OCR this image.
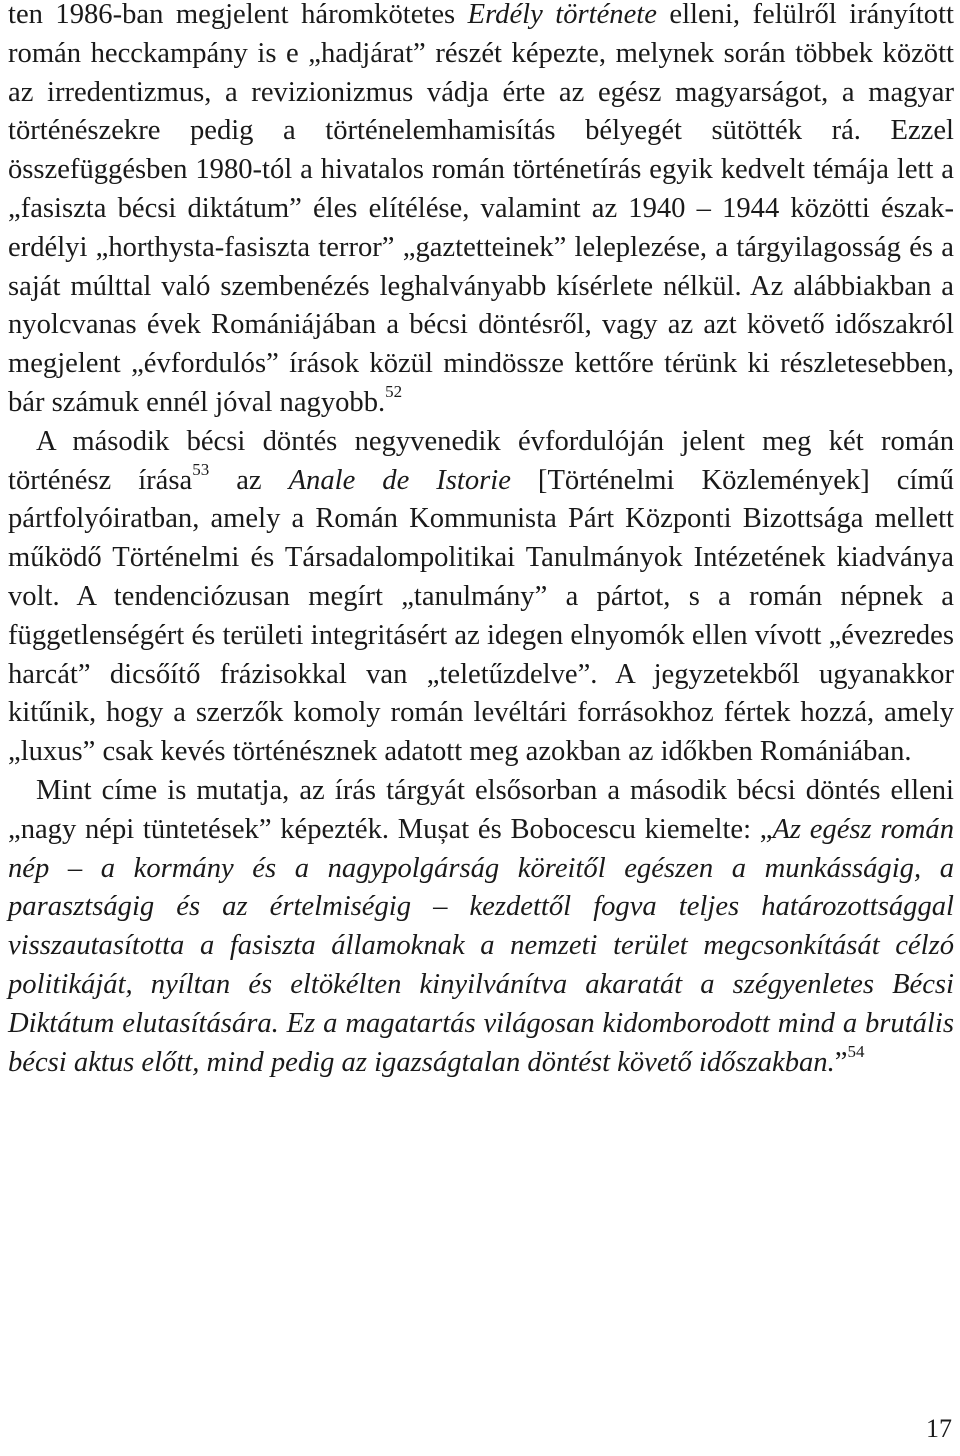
ten 1986-ban megjelent háromkötetes Erdély története elleni, felülről irányított román hecckampány is e „hadjárat” részét képezte, melynek során többek között az irredentizmus, a revizionizmus vádja érte az egész magyarságot, a magyar történészekre pedig a történelemhamisítás bélyegét sütötték rá. Ezzel összefüggésben 1980-tól a hivatalos román történetírás egyik kedvelt témája lett a „fasiszta bécsi diktátum” éles elítélése, valamint az 1940 – 1944 közötti észak-erdélyi „horthysta-fasiszta terror” „gaztetteinek” leleplezése, a tárgyilagosság és a saját múlttal való szembenézés leghalványabb kísérlete nélkül. Az alábbiakban a nyolcvanas évek Romániájában a bécsi döntésről, vagy az azt követő időszakról megjelent „évfordulós” írások közül mindössze kettőre térünk ki részletesebben, bár számuk ennél jóval nagyobb.$^{52}$

A második bécsi döntés negyvenedik évfordulóján jelent meg két román történész írása$^{53}$ az Anale de Istorie [Történelmi Közlemények] című pártfolyóiratban, amely a Román Kommunista Párt Központi Bizottsága mellett működő Történelmi és Társadalompolitikai Tanulmányok Intézetének kiadványa volt. A tendenciózusan megírt „tanulmány” a pártot, s a román népnek a függetlenségért és területi integritásért az idegen elnyomók ellen vívott „évezredes harcát” dicsőítő frázisokkal van „teletűzdelve”. A jegyzetekből ugyanakkor kitűnik, hogy a szerzők komoly román levéltári forrásokhoz fértek hozzá, amely „luxus” csak kevés történésznek adatott meg azokban az időkben Romániában.

Mint címe is mutatja, az írás tárgyát elsősorban a második bécsi döntés elleni „nagy népi tüntetések” képezték. Mușat és Bobocescu kiemelte: „Az egész román nép – a kormány és a nagypolgárság köreitől egészen a munkásságig, a parasztságig és az értelmiségig – kezdettől fogva teljes határozottsággal visszautasította a fasiszta államoknak a nemzeti terület megcsonkítását célzó politikáját, nyíltan és eltökélten kinyilvánítva akaratát a szégyenletes Bécsi Diktátum elutasítására. Ez a magatartás világosan kidomborodott mind a brutális bécsi aktus előtt, mind pedig az igazságtalan döntést követő időszakban.”$^{54}$

17
